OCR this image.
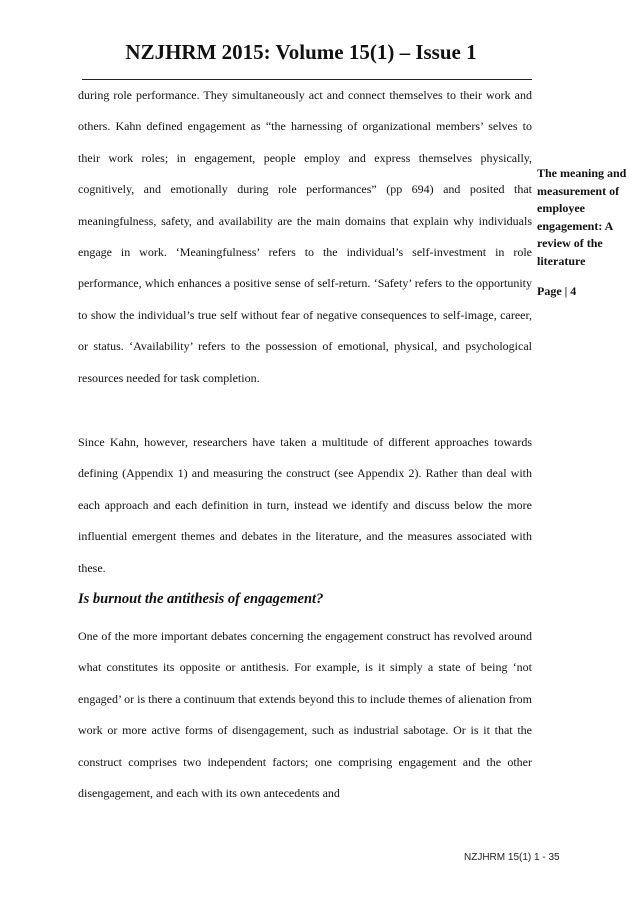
NZJHRM 2015: Volume 15(1) – Issue 1

during role performance. They simultaneously act and connect themselves to their work and others. Kahn defined engagement as “the harnessing of organizational members’ selves to their work roles; in engagement, people employ and express themselves physically, cognitively, and emotionally during role performances” (pp 694) and posited that meaningfulness, safety, and availability are the main domains that explain why individuals engage in work. ‘Meaningfulness’ refers to the individual’s self-investment in role performance, which enhances a positive sense of self-return. ‘Safety’ refers to the opportunity to show the individual’s true self without fear of negative consequences to self-image, career, or status. ‘Availability’ refers to the possession of emotional, physical, and psychological resources needed for task completion.

Since Kahn, however, researchers have taken a multitude of different approaches towards defining (Appendix 1) and measuring the construct (see Appendix 2). Rather than deal with each approach and each definition in turn, instead we identify and discuss below the more influential emergent themes and debates in the literature, and the measures associated with these.

Is burnout the antithesis of engagement?

One of the more important debates concerning the engagement construct has revolved around what constitutes its opposite or antithesis. For example, is it simply a state of being ‘not engaged’ or is there a continuum that extends beyond this to include themes of alienation from work or more active forms of disengagement, such as industrial sabotage. Or is it that the construct comprises two independent factors; one comprising engagement and the other disengagement, and each with its own antecedents and

The meaning and measurement of employee engagement: A review of the literature

Page | 4

NZJHRM 15(1) 1 - 35
